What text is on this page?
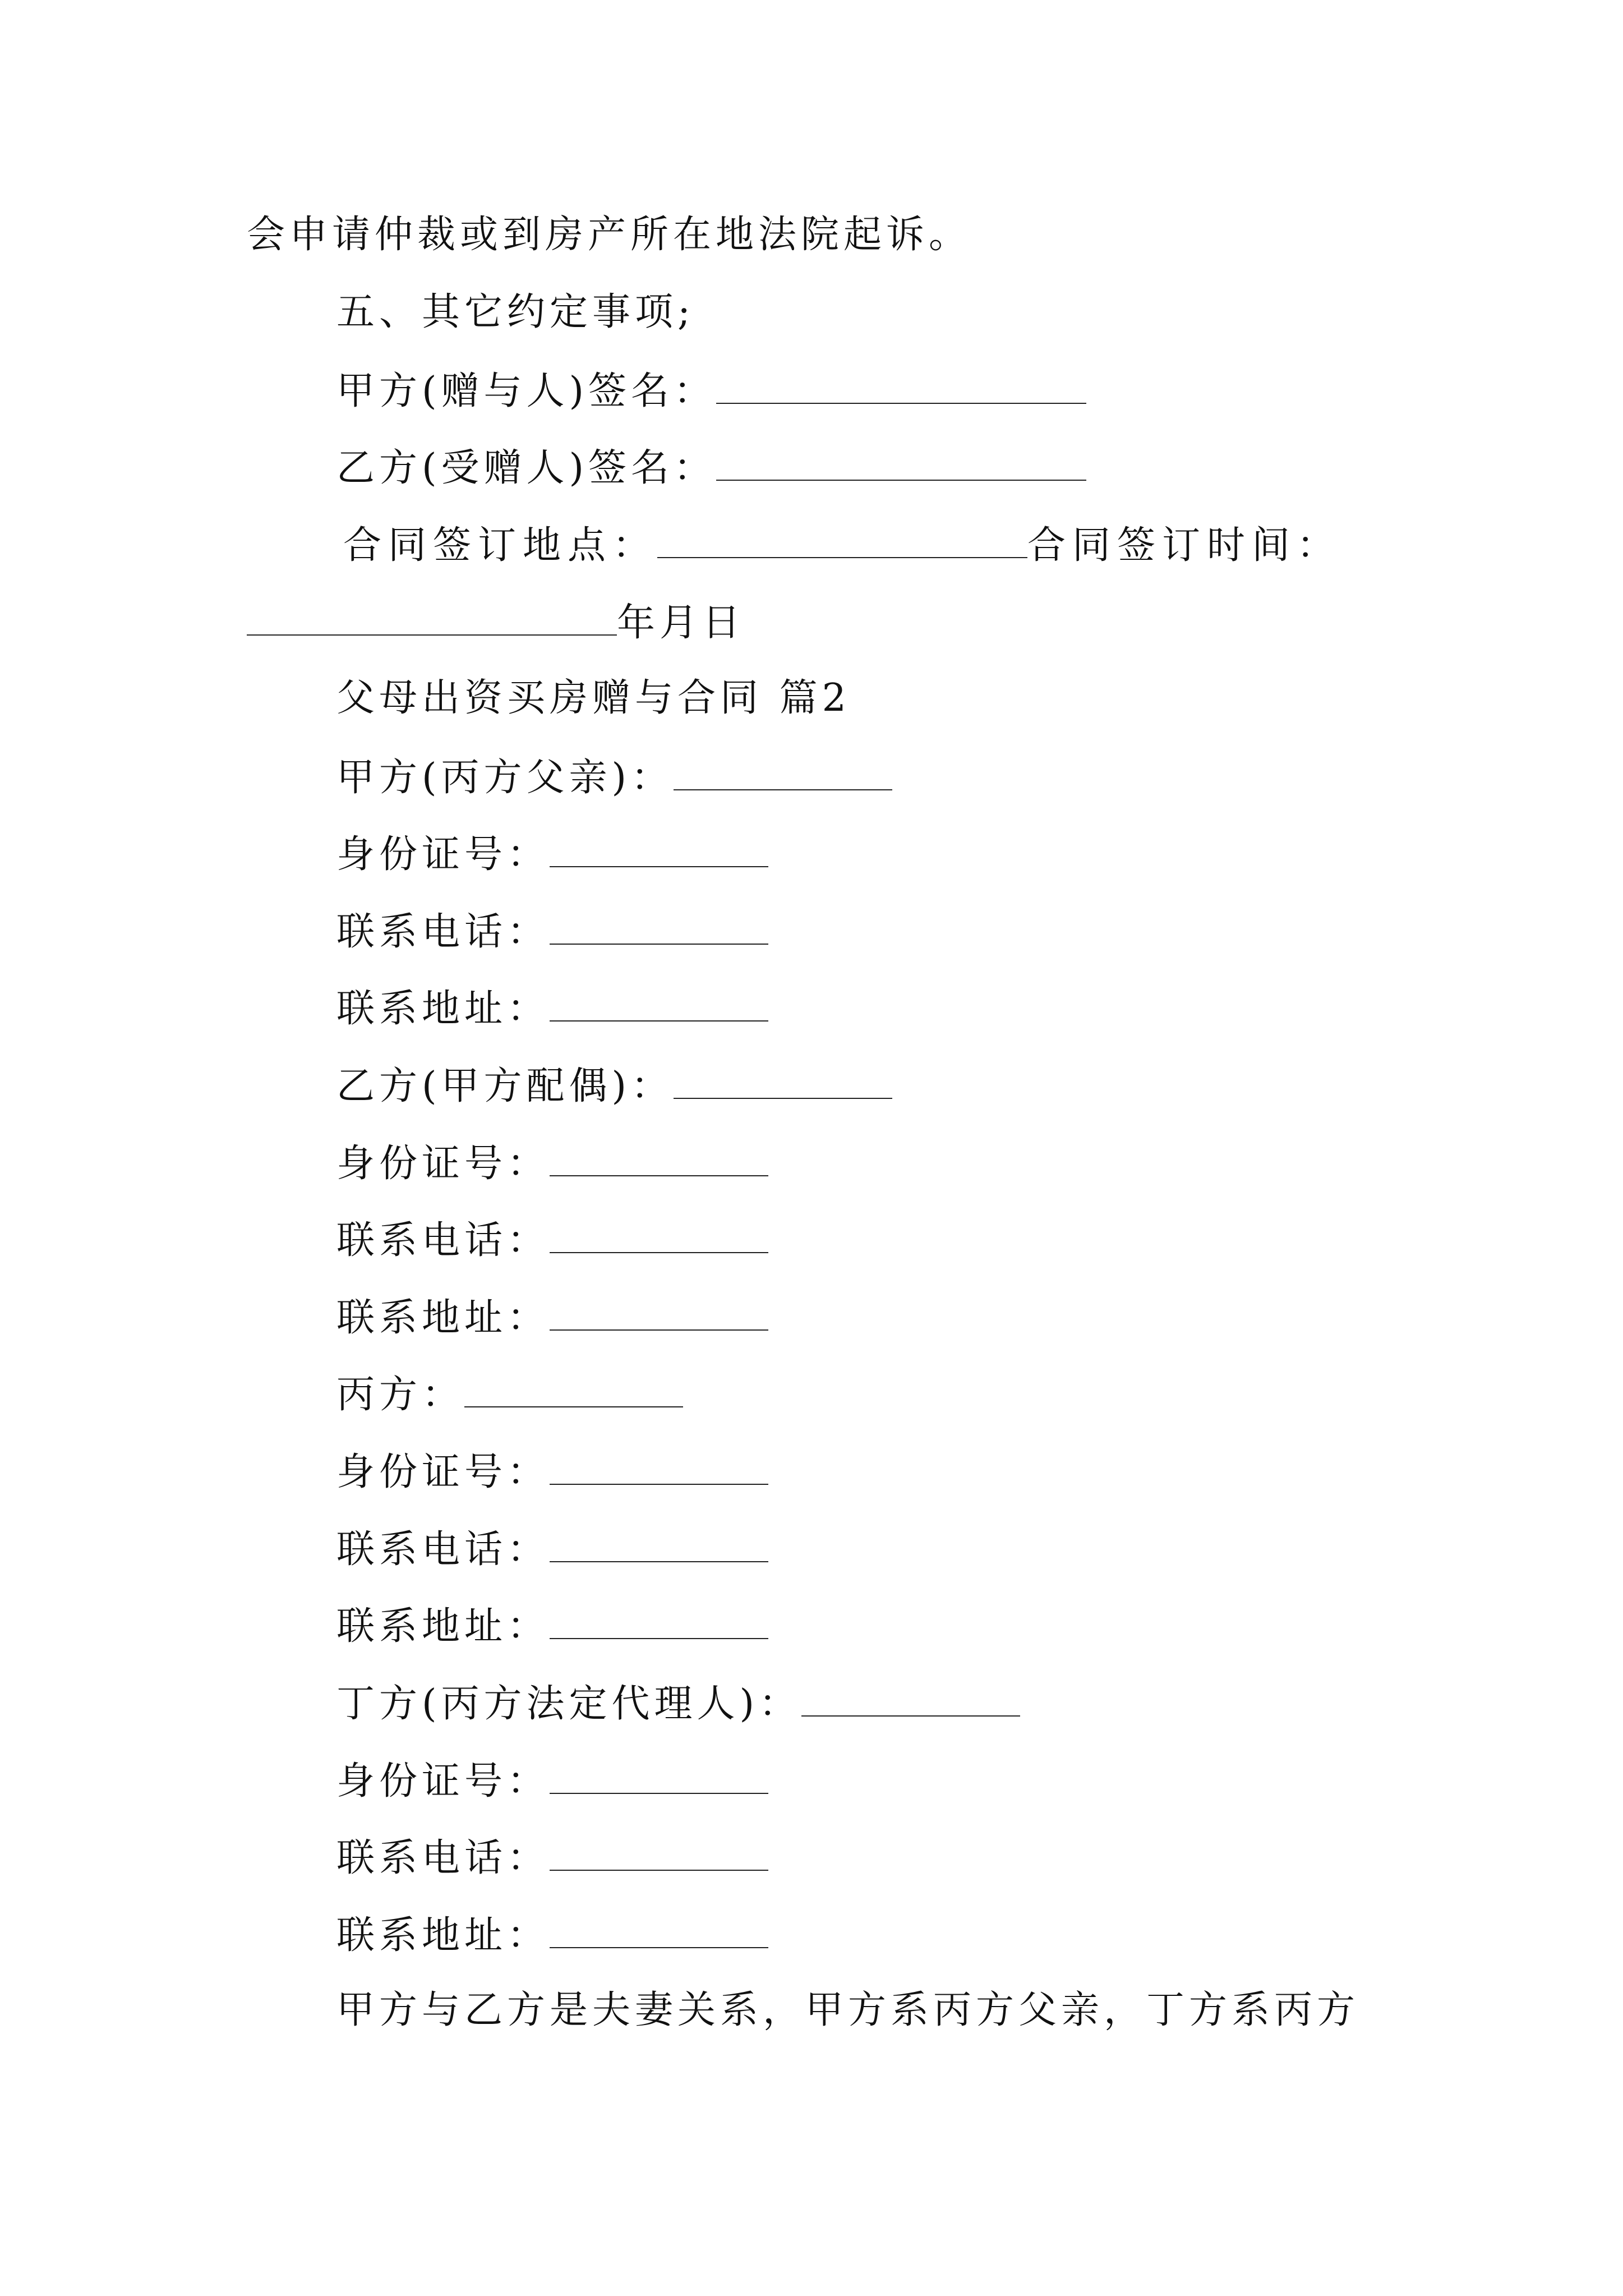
会申请仲裁或到房产所在地法院起诉。
五、其它约定事项;
甲方(赠与人)签名：
乙方(受赠人)签名：
合同签订地点：	合同签订时间：
年月日
父母出资买房赠与合同 篇2
甲方(丙方父亲)：
身份证号：
联系电话：
联系地址：
乙方(甲方配偶)：
身份证号：
联系电话：
联系地址：
丙方：
身份证号：
联系电话：
联系地址：
丁方(丙方法定代理人)：
身份证号：
联系电话：
联系地址：
甲方与乙方是夫妻关系，甲方系丙方父亲，丁方系丙方
